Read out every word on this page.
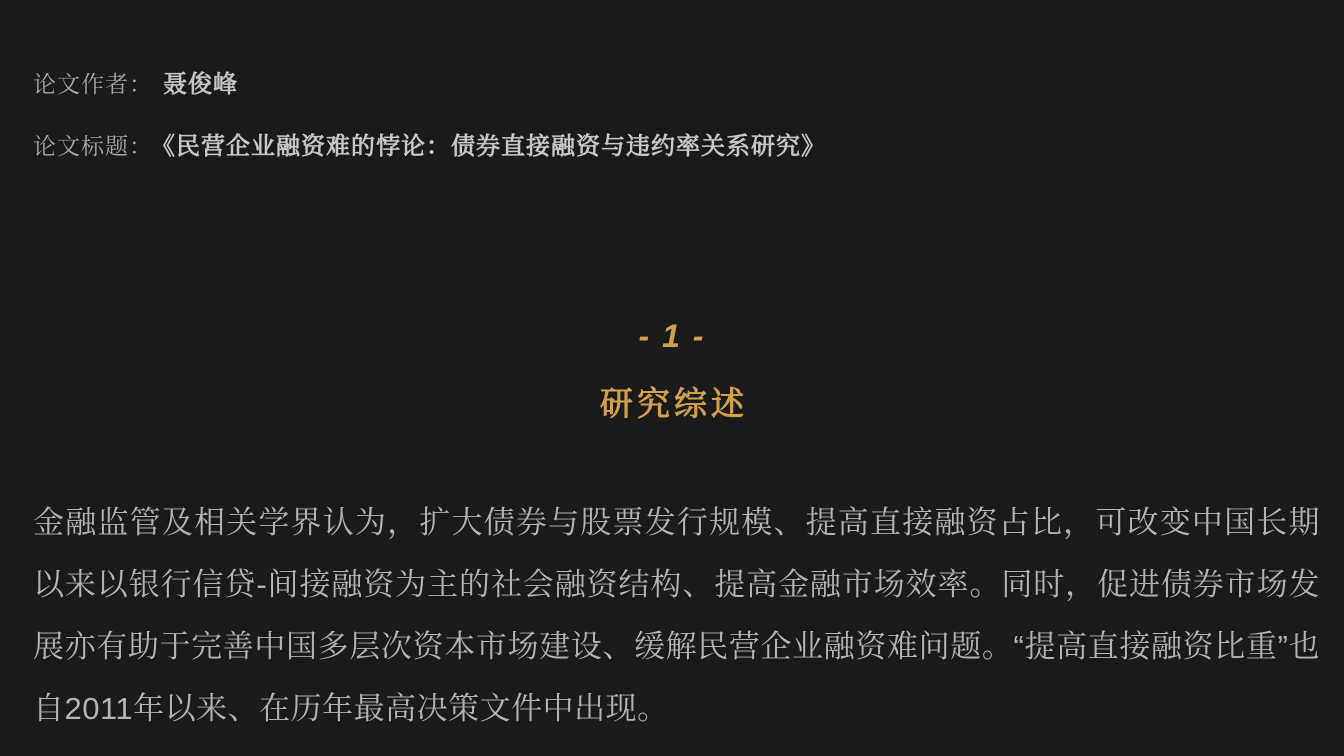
论文作者： 聂俊峰
论文标题： 《民营企业融资难的悖论：债券直接融资与违约率关系研究》
- 1 -
研究综述

金融监管及相关学界认为，扩大债券与股票发行规模、提高直接融资占比，可改变中国长期以来以银行信贷-间接融资为主的社会融资结构、提高金融市场效率。同时，促进债券市场发展亦有助于完善中国多层次资本市场建设、缓解民营企业融资难问题。“提高直接融资比重”也自2011年以来、在历年最高决策文件中出现。
